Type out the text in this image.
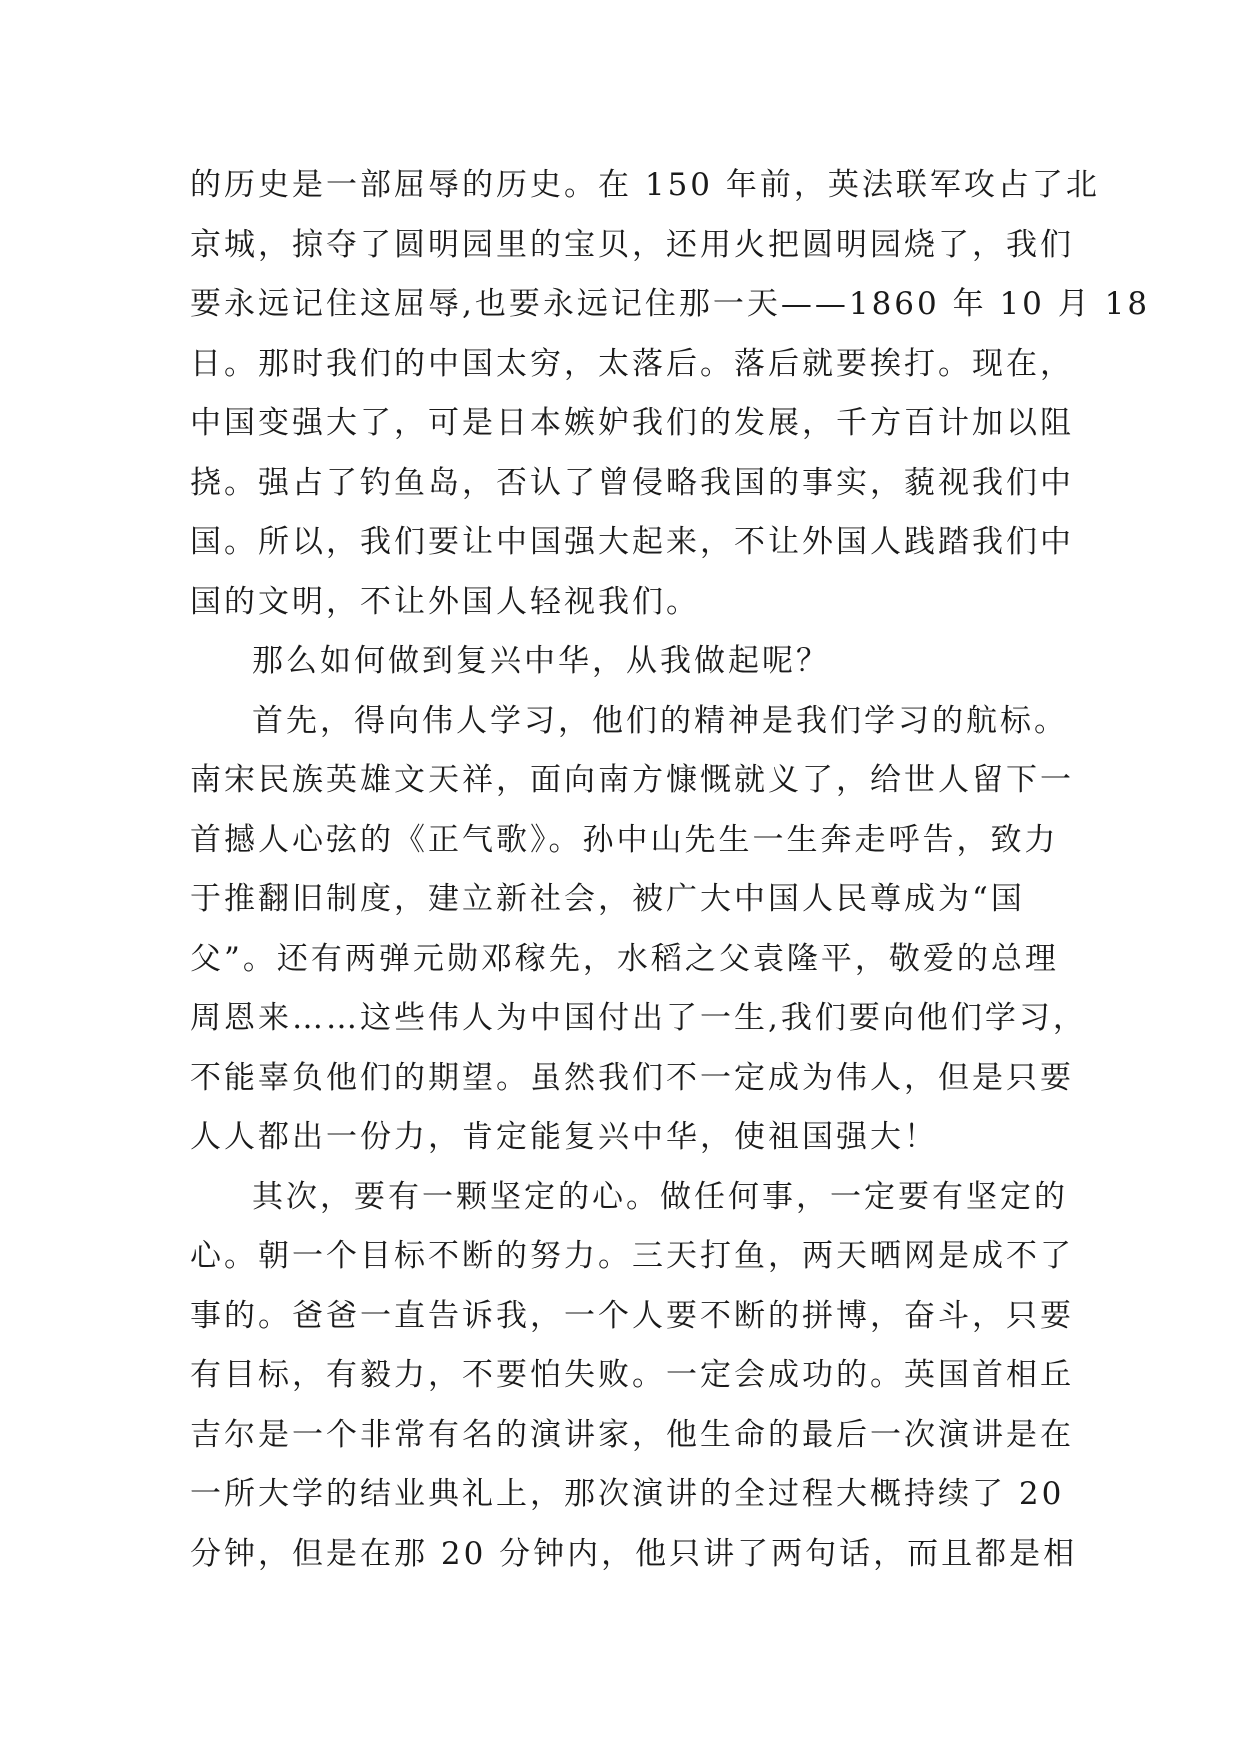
的历史是一部屈辱的历史。在 150 年前，英法联军攻占了北
京城，掠夺了圆明园里的宝贝，还用火把圆明园烧了，我们
要永远记住这屈辱,也要永远记住那一天——1860 年 10 月 18
日。那时我们的中国太穷，太落后。落后就要挨打。现在，
中国变强大了，可是日本嫉妒我们的发展，千方百计加以阻
挠。强占了钓鱼岛，否认了曾侵略我国的事实，藐视我们中
国。所以，我们要让中国强大起来，不让外国人践踏我们中
国的文明，不让外国人轻视我们。
那么如何做到复兴中华，从我做起呢？
首先，得向伟人学习，他们的精神是我们学习的航标。
南宋民族英雄文天祥，面向南方慷慨就义了，给世人留下一
首撼人心弦的《正气歌》。孙中山先生一生奔走呼告，致力
于推翻旧制度，建立新社会，被广大中国人民尊成为“国
父”。还有两弹元勋邓稼先，水稻之父袁隆平，敬爱的总理
周恩来……这些伟人为中国付出了一生,我们要向他们学习，
不能辜负他们的期望。虽然我们不一定成为伟人，但是只要
人人都出一份力，肯定能复兴中华，使祖国强大！
其次，要有一颗坚定的心。做任何事，一定要有坚定的
心。朝一个目标不断的努力。三天打鱼，两天晒网是成不了
事的。爸爸一直告诉我，一个人要不断的拼博，奋斗，只要
有目标，有毅力，不要怕失败。一定会成功的。英国首相丘
吉尔是一个非常有名的演讲家，他生命的最后一次演讲是在
一所大学的结业典礼上，那次演讲的全过程大概持续了 20
分钟，但是在那 20 分钟内，他只讲了两句话，而且都是相
